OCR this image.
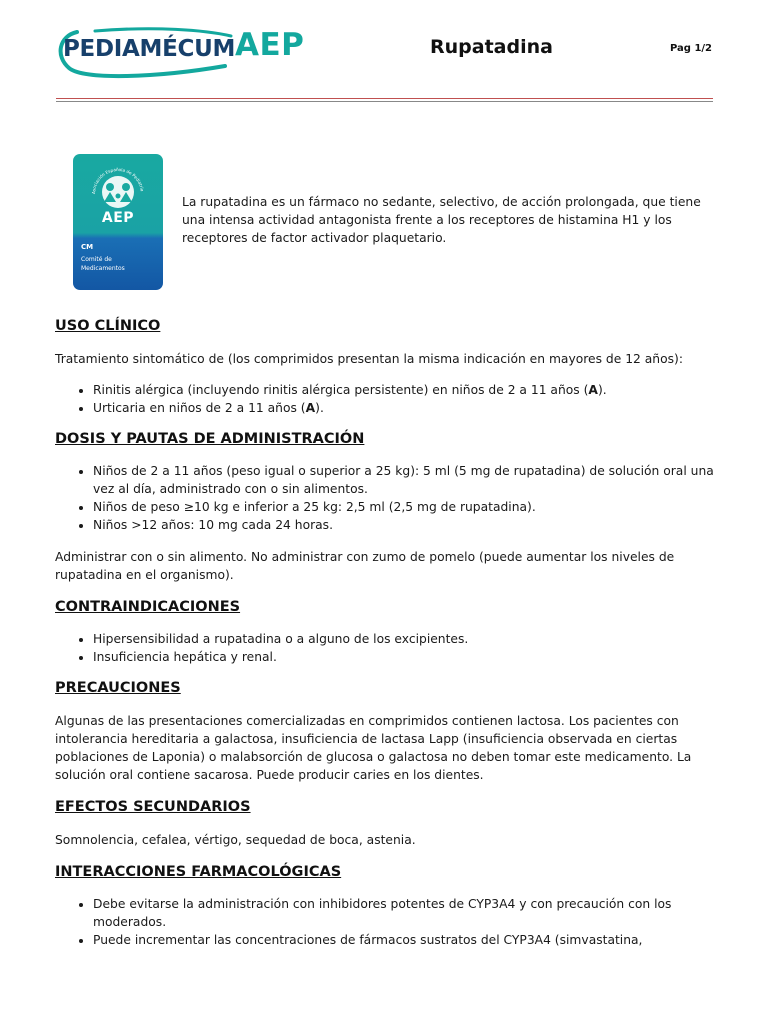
PEDIAMÉCUM AEP	Rupatadina	Pag 1/2
Asociación Española de Pediatría
AEP
CM
Comité de
Medicamentos

La rupatadina es un fármaco no sedante, selectivo, de acción prolongada, que tiene una intensa actividad antagonista frente a los receptores de histamina H1 y los receptores de factor activador plaquetario.

USO CLÍNICO

Tratamiento sintomático de (los comprimidos presentan la misma indicación en mayores de 12 años):

• Rinitis alérgica (incluyendo rinitis alérgica persistente) en niños de 2 a 11 años (A).
• Urticaria en niños de 2 a 11 años (A).
DOSIS Y PAUTAS DE ADMINISTRACIÓN
• Niños de 2 a 11 años (peso igual o superior a 25 kg): 5 ml (5 mg de rupatadina) de solución oral una vez al día, administrado con o sin alimentos.
• Niños de peso ≥10 kg e inferior a 25 kg: 2,5 ml (2,5 mg de rupatadina).
• Niños >12 años: 10 mg cada 24 horas.

Administrar con o sin alimento. No administrar con zumo de pomelo (puede aumentar los niveles de rupatadina en el organismo).

CONTRAINDICACIONES
• Hipersensibilidad a rupatadina o a alguno de los excipientes.
• Insuficiencia hepática y renal.
PRECAUCIONES

Algunas de las presentaciones comercializadas en comprimidos contienen lactosa. Los pacientes con intolerancia hereditaria a galactosa, insuficiencia de lactasa Lapp (insuficiencia observada en ciertas poblaciones de Laponia) o malabsorción de glucosa o galactosa no deben tomar este medicamento. La solución oral contiene sacarosa. Puede producir caries en los dientes.

EFECTOS SECUNDARIOS

Somnolencia, cefalea, vértigo, sequedad de boca, astenia.

INTERACCIONES FARMACOLÓGICAS
• Debe evitarse la administración con inhibidores potentes de CYP3A4 y con precaución con los moderados.
• Puede incrementar las concentraciones de fármacos sustratos del CYP3A4 (simvastatina,
